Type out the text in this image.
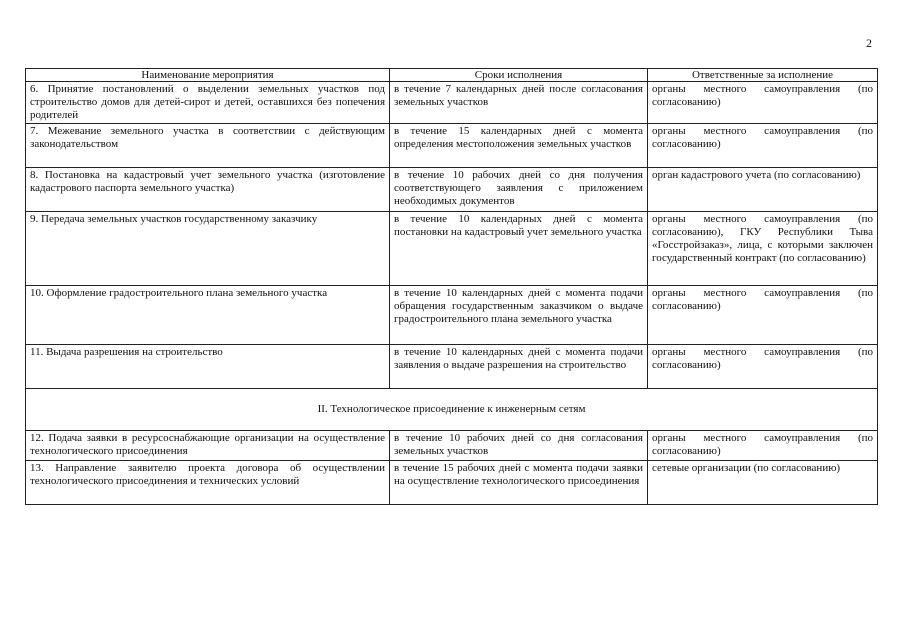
2
Наименование мероприятия	Сроки исполнения	Ответственные за исполнение
6. Принятие постановлений о выделении земельных участков под строительство домов для детей-сирот и детей, оставшихся без попечения родителей	в течение 7 календарных дней после согласования земельных участков	органы местного самоуправления (по согласованию)
7. Межевание земельного участка в соответствии с действующим законодательством	в течение 15 календарных дней с момента определения местоположения земельных участков	органы местного самоуправления (по согласованию)
8. Постановка на кадастровый учет земельного участка (изготовление кадастрового паспорта земельного участка)	в течение 10 рабочих дней со дня получения соответствующего заявления с приложением необходимых документов	орган кадастрового учета (по согласованию)
9. Передача земельных участков государственному заказчику	в течение 10 календарных дней с момента постановки на кадастровый учет земельного участка	органы местного самоуправления (по согласованию), ГКУ Республики Тыва «Госстройзаказ», лица, с которыми заключен государственный контракт (по согласованию)
10. Оформление градостроительного плана земельного участка	в течение 10 календарных дней с момента подачи обращения государственным заказчиком о выдаче градостроительного плана земельного участка	органы местного самоуправления (по согласованию)
11. Выдача разрешения на строительство	в течение 10 календарных дней с момента подачи заявления о выдаче разрешения на строительство	органы местного самоуправления (по согласованию)
II. Технологическое присоединение к инженерным сетям		
12. Подача заявки в ресурсоснабжающие организации на осуществление технологического присоединения	в течение 10 рабочих дней со дня согласования земельных участков	органы местного самоуправления (по согласованию)
13. Направление заявителю проекта договора об осуществлении технологического присоединения и технических условий	в течение 15 рабочих дней с момента подачи заявки на осуществление технологического присоединения	сетевые организации (по согласованию)
